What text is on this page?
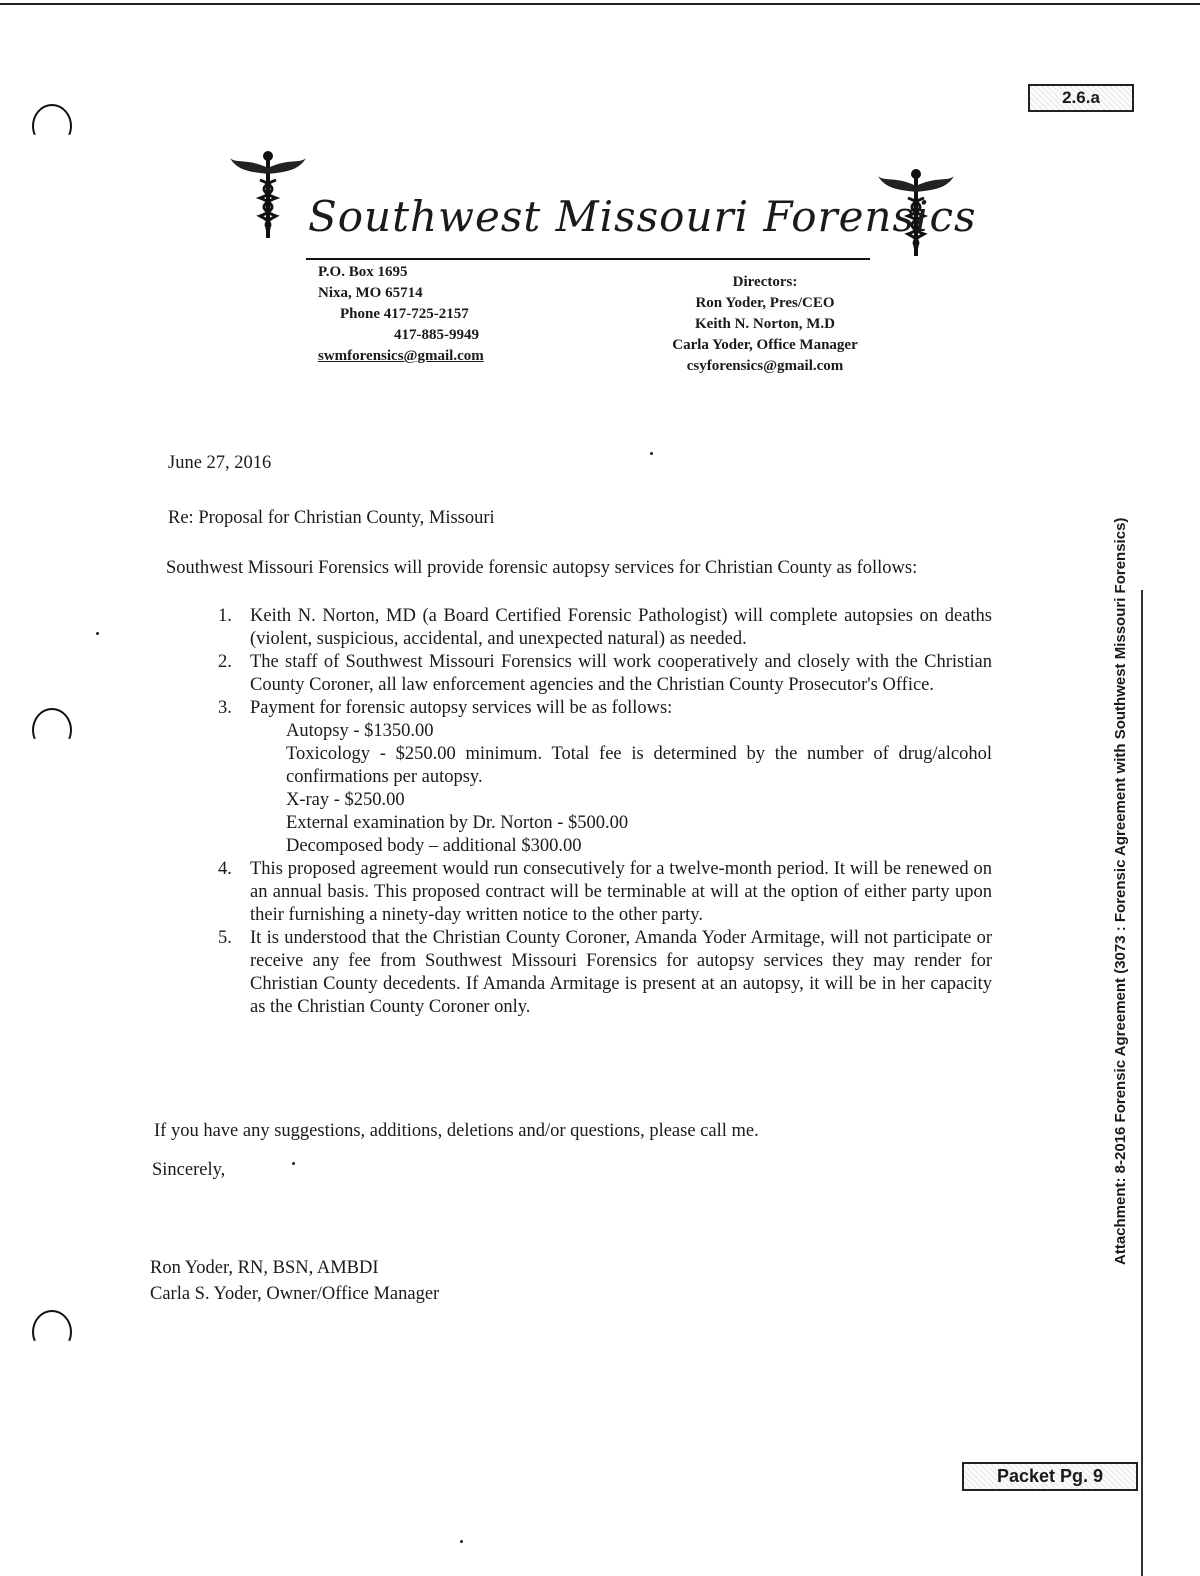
2.6.a
Attachment: 8-2016 Forensic Agreement (3073 : Forensic Agreement with Southwest Missouri Forensics)
Southwest Missouri Forensics
P.O. Box 1695
Nixa, MO 65714
Phone 417-725-2157
417-885-9949
swmforensics@gmail.com
Directors:
Ron Yoder, Pres/CEO
Keith N. Norton, M.D
Carla Yoder, Office Manager
csyforensics@gmail.com
June 27, 2016
Re: Proposal for Christian County, Missouri
Southwest Missouri Forensics will provide forensic autopsy services for Christian County as follows:
1. Keith N. Norton, MD (a Board Certified Forensic Pathologist) will complete autopsies on deaths (violent, suspicious, accidental, and unexpected natural) as needed.
2. The staff of Southwest Missouri Forensics will work cooperatively and closely with the Christian County Coroner, all law enforcement agencies and the Christian County Prosecutor's Office.
3. Payment for forensic autopsy services will be as follows:
Autopsy - $1350.00
Toxicology - $250.00 minimum. Total fee is determined by the number of drug/alcohol confirmations per autopsy.
X-ray - $250.00
External examination by Dr. Norton - $500.00
Decomposed body – additional $300.00
4. This proposed agreement would run consecutively for a twelve-month period. It will be renewed on an annual basis. This proposed contract will be terminable at will at the option of either party upon their furnishing a ninety-day written notice to the other party.
5. It is understood that the Christian County Coroner, Amanda Yoder Armitage, will not participate or receive any fee from Southwest Missouri Forensics for autopsy services they may render for Christian County decedents. If Amanda Armitage is present at an autopsy, it will be in her capacity as the Christian County Coroner only.
If you have any suggestions, additions, deletions and/or questions, please call me.
Sincerely,
Ron Yoder, RN, BSN, AMBDI
Carla S. Yoder, Owner/Office Manager
Packet Pg. 9
